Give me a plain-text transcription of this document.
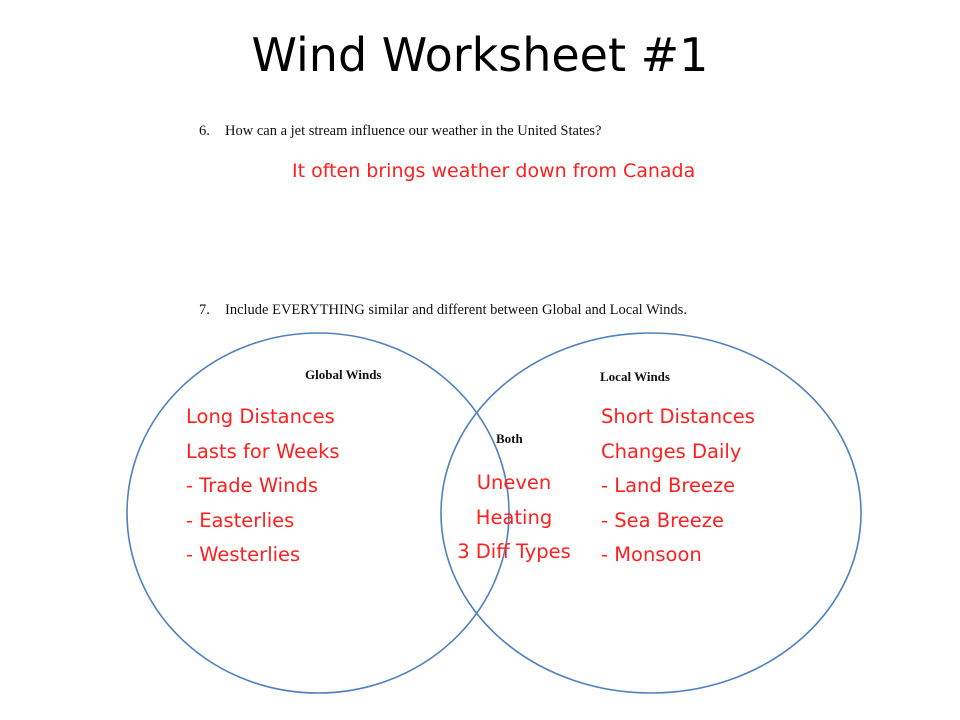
Wind Worksheet #1
6. How can a jet stream influence our weather in the United States?
It often brings weather down from Canada
7. Include EVERYTHING similar and different between Global and Local Winds.
Global Winds
Both
Local Winds
Long Distances
Lasts for Weeks
- Trade Winds
- Easterlies
- Westerlies
Uneven
Heating
3 Diff Types
Short Distances
Changes Daily
- Land Breeze
- Sea Breeze
- Monsoon
